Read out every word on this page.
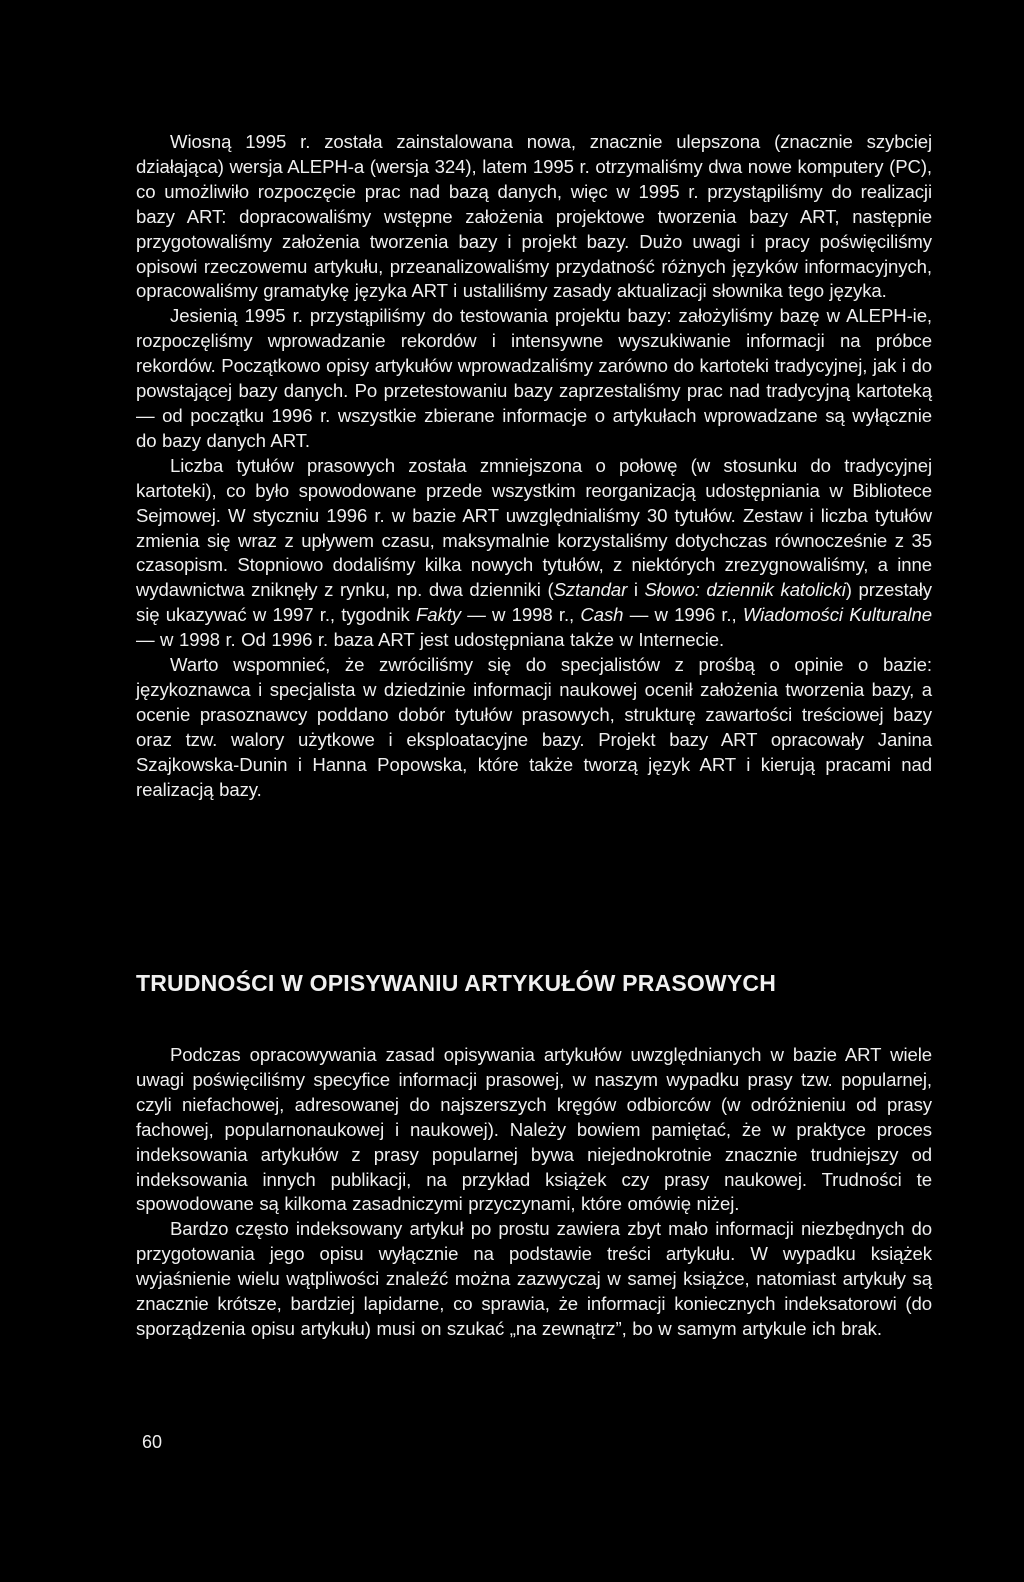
Wiosną 1995 r. została zainstalowana nowa, znacznie ulepszona (znacznie szybciej działająca) wersja ALEPH-a (wersja 324), latem 1995 r. otrzymaliśmy dwa nowe komputery (PC), co umożliwiło rozpoczęcie prac nad bazą danych, więc w 1995 r. przystąpiliśmy do realizacji bazy ART: dopracowaliśmy wstępne założenia projektowe tworzenia bazy ART, następnie przygotowaliśmy założenia tworzenia bazy i projekt bazy. Dużo uwagi i pracy poświęciliśmy opisowi rzeczowemu artykułu, przeanalizowaliśmy przydatność różnych języków informacyjnych, opracowaliśmy gramatykę języka ART i ustaliliśmy zasady aktualizacji słownika tego języka.

Jesienią 1995 r. przystąpiliśmy do testowania projektu bazy: założyliśmy bazę w ALEPH-ie, rozpoczęliśmy wprowadzanie rekordów i intensywne wyszukiwanie informacji na próbce rekordów. Początkowo opisy artykułów wprowadzaliśmy zarówno do kartoteki tradycyjnej, jak i do powstającej bazy danych. Po przetestowaniu bazy zaprzestaliśmy prac nad tradycyjną kartoteką — od początku 1996 r. wszystkie zbierane informacje o artykułach wprowadzane są wyłącznie do bazy danych ART.

Liczba tytułów prasowych została zmniejszona o połowę (w stosunku do tradycyjnej kartoteki), co było spowodowane przede wszystkim reorganizacją udostępniania w Bibliotece Sejmowej. W styczniu 1996 r. w bazie ART uwzględnialiśmy 30 tytułów. Zestaw i liczba tytułów zmienia się wraz z upływem czasu, maksymalnie korzystaliśmy dotychczas równocześnie z 35 czasopism. Stopniowo dodaliśmy kilka nowych tytułów, z niektórych zrezygnowaliśmy, a inne wydawnictwa zniknęły z rynku, np. dwa dzienniki (Sztandar i Słowo: dziennik katolicki) przestały się ukazywać w 1997 r., tygodnik Fakty — w 1998 r., Cash — w 1996 r., Wiadomości Kulturalne — w 1998 r. Od 1996 r. baza ART jest udostępniana także w Internecie.

Warto wspomnieć, że zwróciliśmy się do specjalistów z prośbą o opinie o bazie: językoznawca i specjalista w dziedzinie informacji naukowej ocenił założenia tworzenia bazy, a ocenie prasoznawcy poddano dobór tytułów prasowych, strukturę zawartości treściowej bazy oraz tzw. walory użytkowe i eksploatacyjne bazy. Projekt bazy ART opracowały Janina Szajkowska-Dunin i Hanna Popowska, które także tworzą język ART i kierują pracami nad realizacją bazy.

TRUDNOŚCI W OPISYWANIU ARTYKUŁÓW PRASOWYCH

Podczas opracowywania zasad opisywania artykułów uwzględnianych w bazie ART wiele uwagi poświęciliśmy specyfice informacji prasowej, w naszym wypadku prasy tzw. popularnej, czyli niefachowej, adresowanej do najszerszych kręgów odbiorców (w odróżnieniu od prasy fachowej, popularnonaukowej i naukowej). Należy bowiem pamiętać, że w praktyce proces indeksowania artykułów z prasy popularnej bywa niejednokrotnie znacznie trudniejszy od indeksowania innych publikacji, na przykład książek czy prasy naukowej. Trudności te spowodowane są kilkoma zasadniczymi przyczynami, które omówię niżej.

Bardzo często indeksowany artykuł po prostu zawiera zbyt mało informacji niezbędnych do przygotowania jego opisu wyłącznie na podstawie treści artykułu. W wypadku książek wyjaśnienie wielu wątpliwości znaleźć można zazwyczaj w samej książce, natomiast artykuły są znacznie krótsze, bardziej lapidarne, co sprawia, że informacji koniecznych indeksatorowi (do sporządzenia opisu artykułu) musi on szukać „na zewnątrz”, bo w samym artykule ich brak.

60
